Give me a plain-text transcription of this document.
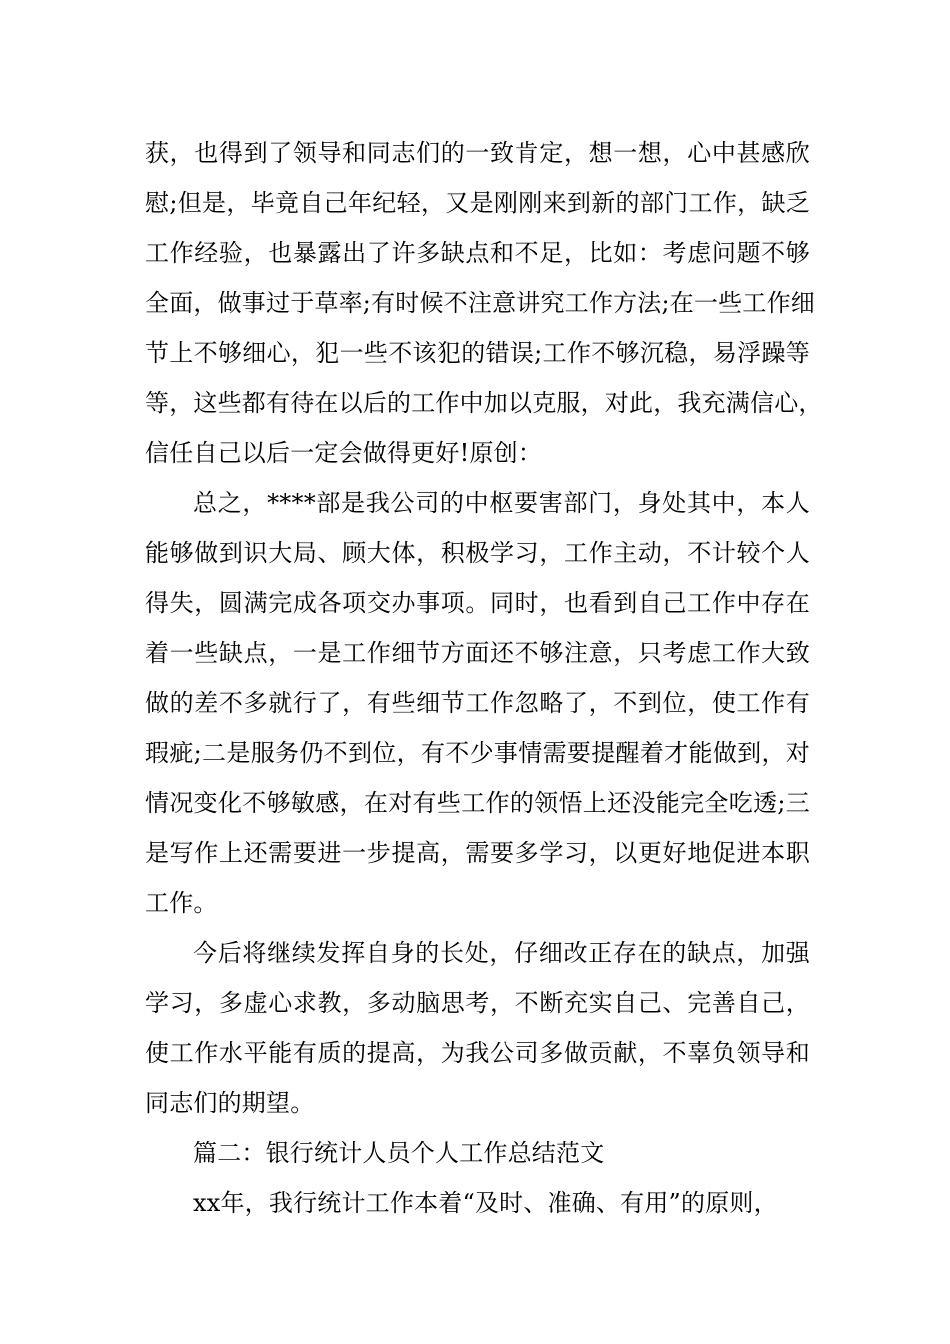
获，也得到了领导和同志们的一致肯定，想一想，心中甚感欣
慰;但是，毕竟自己年纪轻，又是刚刚来到新的部门工作，缺乏
工作经验，也暴露出了许多缺点和不足，比如：考虑问题不够
全面，做事过于草率;有时候不注意讲究工作方法;在一些工作细
节上不够细心，犯一些不该犯的错误;工作不够沉稳，易浮躁等
等，这些都有待在以后的工作中加以克服，对此，我充满信心，
信任自己以后一定会做得更好!原创：
总之，****部是我公司的中枢要害部门，身处其中，本人
能够做到识大局、顾大体，积极学习，工作主动，不计较个人
得失，圆满完成各项交办事项。同时，也看到自己工作中存在
着一些缺点，一是工作细节方面还不够注意，只考虑工作大致
做的差不多就行了，有些细节工作忽略了，不到位，使工作有
瑕疵;二是服务仍不到位，有不少事情需要提醒着才能做到，对
情况变化不够敏感，在对有些工作的领悟上还没能完全吃透;三
是写作上还需要进一步提高，需要多学习，以更好地促进本职
工作。
今后将继续发挥自身的长处，仔细改正存在的缺点，加强
学习，多虚心求教，多动脑思考，不断充实自己、完善自己，
使工作水平能有质的提高，为我公司多做贡献，不辜负领导和
同志们的期望。
篇二：银行统计人员个人工作总结范文
xx年，我行统计工作本着“及时、准确、有用”的原则，
